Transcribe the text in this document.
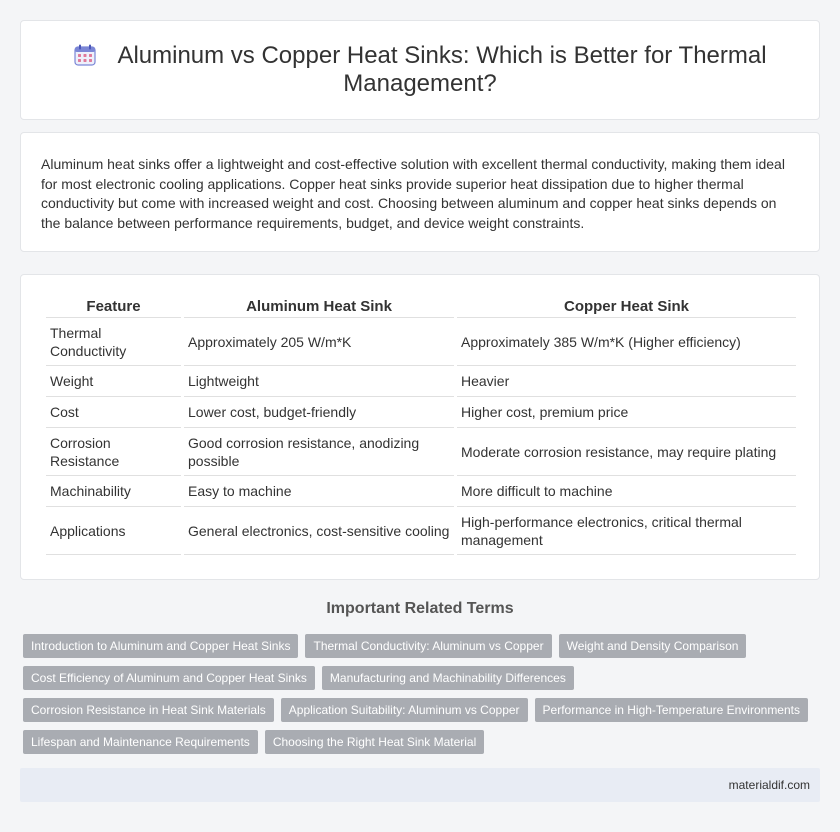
Aluminum vs Copper Heat Sinks: Which is Better for Thermal Management?

Aluminum heat sinks offer a lightweight and cost-effective solution with excellent thermal conductivity, making them ideal for most electronic cooling applications. Copper heat sinks provide superior heat dissipation due to higher thermal conductivity but come with increased weight and cost. Choosing between aluminum and copper heat sinks depends on the balance between performance requirements, budget, and device weight constraints.

Feature	Aluminum Heat Sink	Copper Heat Sink
Thermal Conductivity	Approximately 205 W/m*K	Approximately 385 W/m*K (Higher efficiency)
Weight	Lightweight	Heavier
Cost	Lower cost, budget-friendly	Higher cost, premium price
Corrosion Resistance	Good corrosion resistance, anodizing possible	Moderate corrosion resistance, may require plating
Machinability	Easy to machine	More difficult to machine
Applications	General electronics, cost-sensitive cooling	High-performance electronics, critical thermal management
Important Related Terms
Introduction to Aluminum and Copper Heat Sinks	Thermal Conductivity: Aluminum vs Copper	Weight and Density Comparison
Cost Efficiency of Aluminum and Copper Heat Sinks	Manufacturing and Machinability Differences
Corrosion Resistance in Heat Sink Materials	Application Suitability: Aluminum vs Copper	Performance in High-Temperature Environments
Lifespan and Maintenance Requirements	Choosing the Right Heat Sink Material
materialdif.com
